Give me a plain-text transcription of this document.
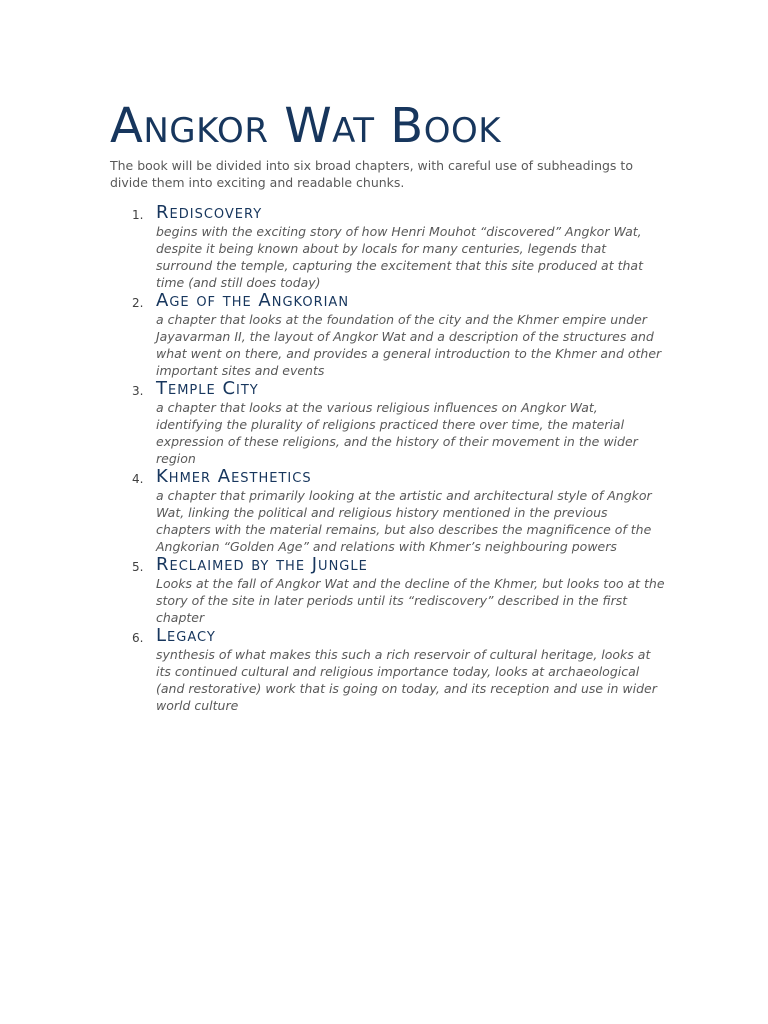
Angkor Wat Book

The book will be divided into six broad chapters, with careful use of subheadings to divide them into exciting and readable chunks.

1. Rediscovery
begins with the exciting story of how Henri Mouhot “discovered” Angkor Wat, despite it being known about by locals for many centuries, legends that surround the temple, capturing the excitement that this site produced at that time (and still does today)
2. Age of the Angkorian
a chapter that looks at the foundation of the city and the Khmer empire under Jayavarman II, the layout of Angkor Wat and a description of the structures and what went on there, and provides a general introduction to the Khmer and other important sites and events
3. Temple City
a chapter that looks at the various religious influences on Angkor Wat, identifying the plurality of religions practiced there over time, the material expression of these religions, and the history of their movement in the wider region
4. Khmer Aesthetics
a chapter that primarily looking at the artistic and architectural style of Angkor Wat, linking the political and religious history mentioned in the previous chapters with the material remains, but also describes the magnificence of the Angkorian “Golden Age” and relations with Khmer’s neighbouring powers
5. Reclaimed by the Jungle
Looks at the fall of Angkor Wat and the decline of the Khmer, but looks too at the story of the site in later periods until its “rediscovery” described in the first chapter
6. Legacy
synthesis of what makes this such a rich reservoir of cultural heritage, looks at its continued cultural and religious importance today, looks at archaeological (and restorative) work that is going on today, and its reception and use in wider world culture
